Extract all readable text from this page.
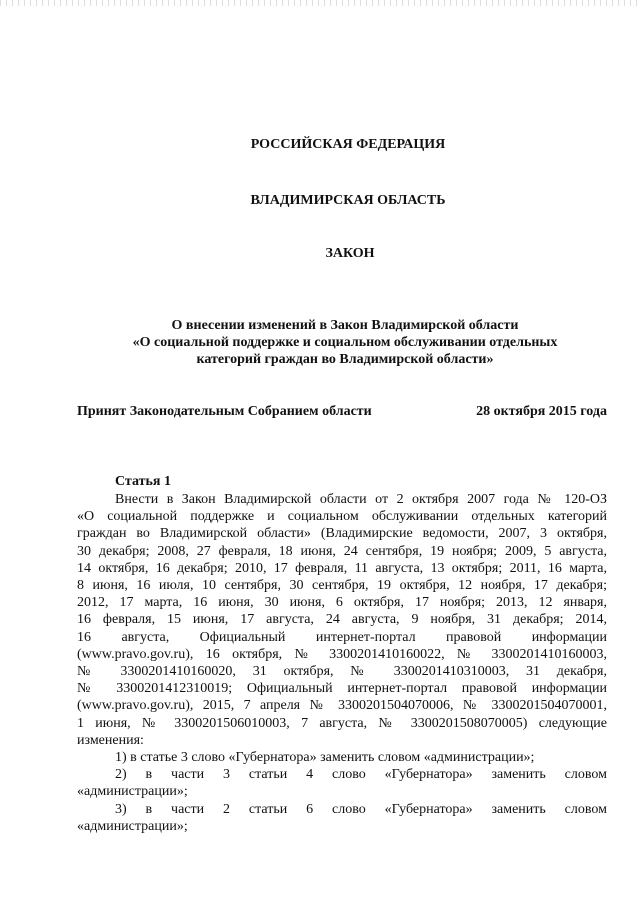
РОССИЙСКАЯ ФЕДЕРАЦИЯ
ВЛАДИМИРСКАЯ ОБЛАСТЬ
ЗАКОН
О внесении изменений в Закон Владимирской области
«О социальной поддержке и социальном обслуживании отдельных
категорий граждан во Владимирской области»
Принят Законодательным Собранием области	28 октября 2015 года
Статья 1

Внести в Закон Владимирской области от 2 октября 2007 года № 120-ОЗ
«О социальной поддержке и социальном обслуживании отдельных категорий
граждан во Владимирской области» (Владимирские ведомости, 2007, 3 октября,
30 декабря; 2008, 27 февраля, 18 июня, 24 сентября, 19 ноября; 2009, 5 августа,
14 октября, 16 декабря; 2010, 17 февраля, 11 августа, 13 октября; 2011, 16 марта,
8 июня, 16 июля, 10 сентября, 30 сентября, 19 октября, 12 ноября, 17 декабря;
2012, 17 марта, 16 июня, 30 июня, 6 октября, 17 ноября; 2013, 12 января,
16 февраля, 15 июня, 17 августа, 24 августа, 9 ноября, 31 декабря; 2014,
16 августа, Официальный интернет-портал правовой информации
(www.pravo.gov.ru), 16 октября, № 3300201410160022, № 3300201410160003,
№ 3300201410160020, 31 октября, № 3300201410310003, 31 декабря,
№ 3300201412310019; Официальный интернет-портал правовой информации
(www.pravo.gov.ru), 2015, 7 апреля № 3300201504070006, № 3300201504070001,
1 июня, № 3300201506010003, 7 августа, № 3300201508070005) следующие
изменения:

1) в статье 3 слово «Губернатора» заменить словом «администрации»;

2) в части 3 статьи 4 слово «Губернатора» заменить словом
«администрации»;

3) в части 2 статьи 6 слово «Губернатора» заменить словом
«администрации»;
